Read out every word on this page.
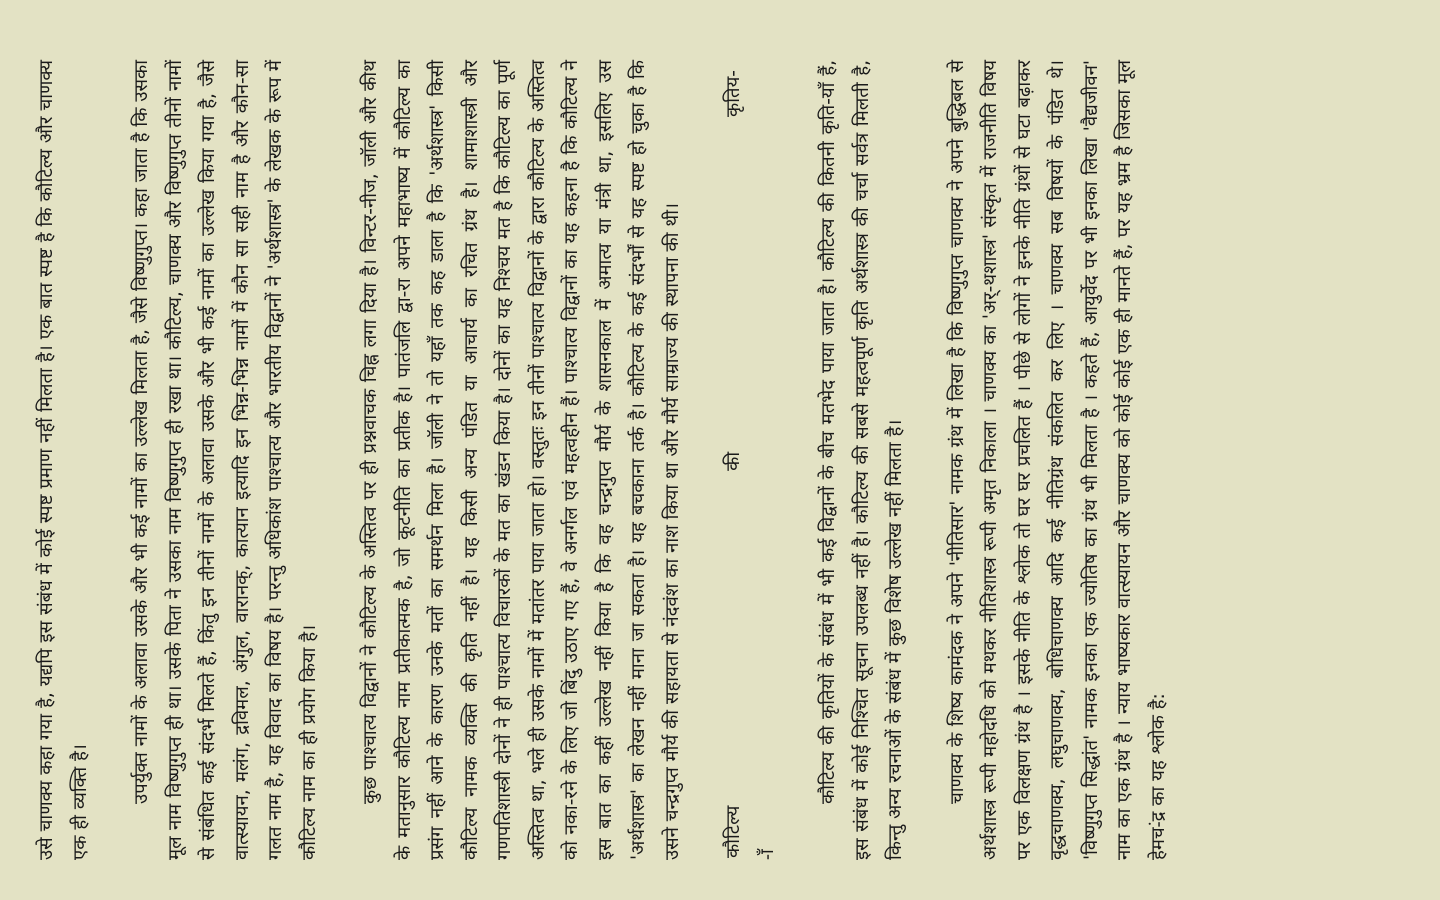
उसे चाणक्य कहा गया है, यद्यपि इस संबंध में कोई स्पष्ट प्रमाण नहीं मिलता है। एक बात स्पष्ट है कि कौटिल्य और चाणक्य एक ही व्यक्ति है।	उपर्युक्त नामों के अलावा उसके और भी कई नामों का उल्लेख मिलता है, जैसे विष्णुगुप्त। कहा जाता है कि उसका मूल नाम विष्णुगुप्त ही था। उसके पिता ने उसका नाम विष्णुगुप्त ही रखा था। कौटिल्य, चाणक्य और विष्णुगुप्त तीनों नामों से संबंधित कई संदर्भ मिलते हैं, किंतु इन तीनों नामों के अलावा उसके और भी कई नामों का उल्लेख किया गया है, जैसे वात्स्यायन, मलंग, द्रविमल, अंगुल, वारानक्, कात्यान इत्यादि इन भिन्न-भिन्न नामों में कौन सा सही नाम है और कौन-सा गलत नाम है, यह विवाद का विषय है। परन्तु अधिकांश पाश्चात्य और भारतीय विद्वानों ने 'अर्थशास्त्र' के लेखक के रूप में कौटिल्य नाम का ही प्रयोग किया है।	कुछ पाश्चात्य विद्वानों ने कौटिल्य के अस्तित्व पर ही प्रश्नवाचक चिह्न लगा दिया है। विन्टर-नीज, जॉली और कीथ के मतानुसार कौटिल्य नाम प्रतीकात्मक है, जो कूटनीति का प्रतीक है। पातंजलि द्वा-रा अपने महाभाष्य में कौटिल्य का प्रसंग नहीं आने के कारण उनके मतों का समर्थन मिला है। जॉली ने तो यहाँ तक कह डाला है कि 'अर्थशास्त्र' किसी कौटिल्य नामक व्यक्ति की कृति नहीं है। यह किसी अन्य पंडित या आचार्य का रचित ग्रंथ है। शामाशास्त्री और गणपतिशास्त्री दोनों ने ही पाश्चात्य विचारकों के मत का खंडन किया है। दोनों का यह निश्चय मत है कि कौटिल्य का पूर्ण अस्तित्व था, भले ही उसके नामों में मतांतर पाया जाता हो। वस्तुतः इन तीनों पाश्चात्य विद्वानों के द्वारा कौटिल्य के अस्तित्व को नका-रने के लिए जो बिंदु उठाए गए हैं, वे अनर्गल एवं महत्वहीन हैं। पाश्चात्य विद्वानों का यह कहना है कि कौटिल्य ने इस बात का कहीं उल्लेख नहीं किया है कि वह चन्द्रगुप्त मौर्य के शासनकाल में अमात्य या मंत्री था, इसलिए उस 'अर्थशास्त्र' का लेखन नहीं माना जा सकता है। यह बचकाना तर्क है। कौटिल्य के कई संदर्भों से यह स्पष्ट हो चुका है कि उसने चन्द्रगुप्त मौर्य की सहायता से नंदवंश का नाश किया था और मौर्य साम्राज्य की स्थापना की थी।	कौटिल्य
की
कृतिय-
-ाँ

कौटिल्य की कृतियों के संबंध में भी कई विद्वानों के बीच मतभेद पाया जाता है। कौटिल्य की कितनी कृति-याँ हैं, इस संबंध में कोई निश्चित सूचना उपलब्ध नहीं है। कौटिल्य की सबसे महत्वपूर्ण कृति अर्थशास्त्र की चर्चा सर्वत्र मिलती है, किन्तु अन्य रचनाओं के संबंध में कुछ विशेष उल्लेख नहीं मिलता है।	चाणक्य के शिष्य कामंदक ने अपने 'नीतिसार' नामक ग्रंथ में लिखा है कि विष्णुगुप्त चाणक्य ने अपने बुद्धिबल से अर्थशास्त्र रूपी महोदधि को मथकर नीतिशास्त्र रूपी अमृत निकाला । चाणक्य का 'अर्-थशास्त्र' संस्कृत में राजनीति विषय पर एक विलक्षण ग्रंथ है । इसके नीति के श्लोक तो घर घर प्रचलित हैं । पीछे से लोगों ने इनके नीति ग्रंथों से घटा बढ़ाकर वृद्धचाणक्य, लघुचाणक्य, बोधिचाणक्य आदि कई नीतिग्रंथ संकलित कर लिए । चाणक्य सब विषयों के पंडित थे। 'विष्णुगुप्त सिद्धांत' नामक इनका एक ज्योतिष का ग्रंथ भी मिलता है । कहते हैं, आयुर्वेद पर भी इनका लिखा 'वैद्यजीवन' नाम का एक ग्रंथ है । न्याय भाष्यकार वात्स्यायन और चाणक्य को कोई कोई एक ही मानते हैं, पर यह भ्रम है जिसका मूल हेमच-ंद्र का यह श्लोक है:
